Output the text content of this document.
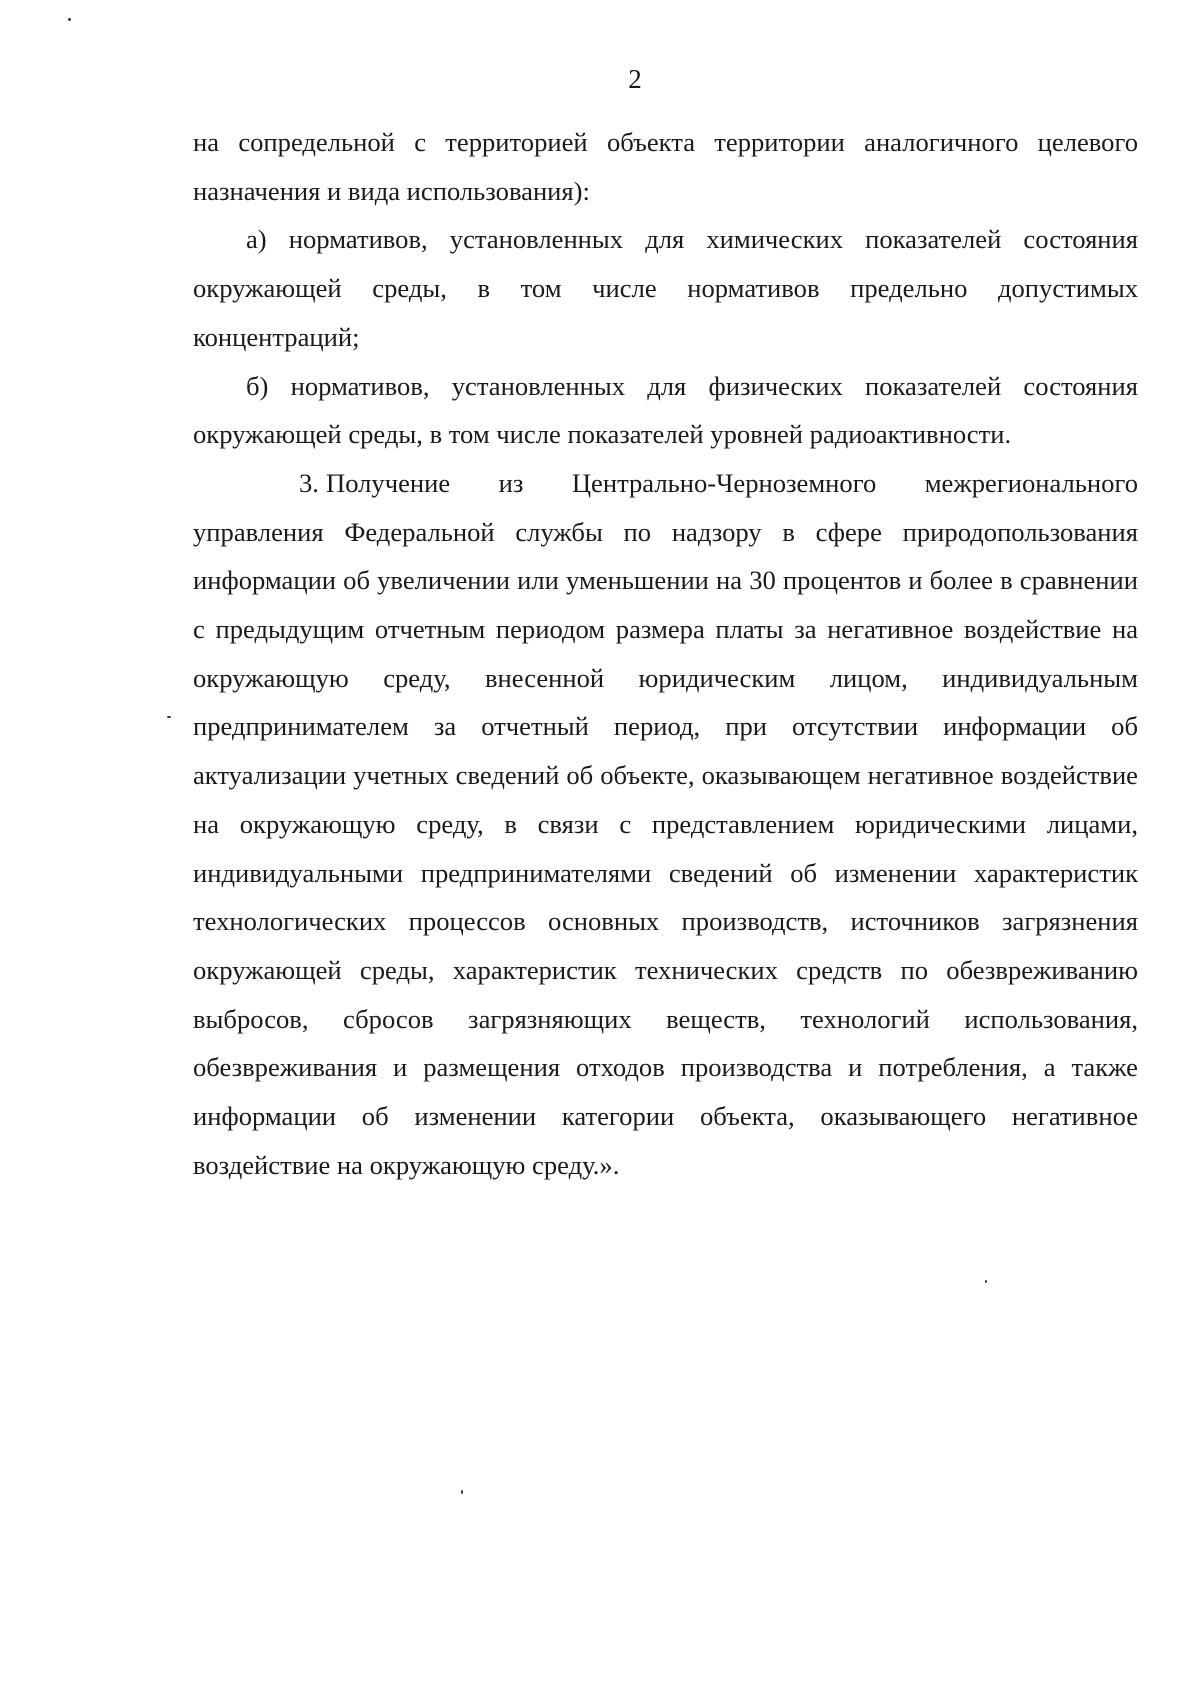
2

на сопредельной с территорией объекта территории аналогичного целевого назначения и вида использования):

а) нормативов, установленных для химических показателей состояния окружающей среды, в том числе нормативов предельно допустимых концентраций;

б) нормативов, установленных для физических показателей состояния окружающей среды, в том числе показателей уровней радиоактивности.

3. Получение из Центрально-Черноземного межрегионального управления Федеральной службы по надзору в сфере природопользования информации об увеличении или уменьшении на 30 процентов и более в сравнении с предыдущим отчетным периодом размера платы за негативное воздействие на окружающую среду, внесенной юридическим лицом, индивидуальным предпринимателем за отчетный период, при отсутствии информации об актуализации учетных сведений об объекте, оказывающем негативное воздействие на окружающую среду, в связи с представлением юридическими лицами, индивидуальными предпринимателями сведений об изменении характеристик технологических процессов основных производств, источников загрязнения окружающей среды, характеристик технических средств по обезвреживанию выбросов, сбросов загрязняющих веществ, технологий использования, обезвреживания и размещения отходов производства и потребления, а также информации об изменении категории объекта, оказывающего негативное воздействие на окружающую среду.».
